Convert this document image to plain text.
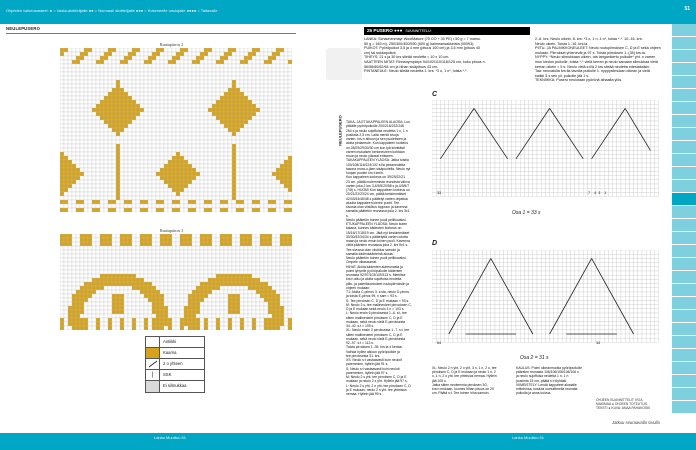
Ohjeiden vaikeusasteet: ● = Vasta-aloittelijalle ●● = Normaali aloittelijalle ●●● = Kokeneelle neulojalle ●●●● = Taitavalle	51
NEULEPUSERO
Ruutupiirros 2
Ruutupiirros 3
Antiikki
Kaarna
2 o yhteen
|	SSK
Ei silmukkaa
NEULEPUSERO
25 PUSERO ●●● SUUNNITTELU:
LANKA: Schachenmayr WoolMature (70 CO + 30 PE) • 50 g = 7 marss.
50 g = 165 m). 250/300/400/550 (600 g) kaimeansakkeista (00093).
PUIKOT: Pyöröpuikot 3,5 ja 4 mm (pituus 100 cm) ja 3,5 mm (pituus 40
cm) tai sukkapuikot.
TIHEYS: 21 s ja 30 krs sileää neuletta = 10 x 10 cm.
VAATTEEN MITAT: Rinnanympärys 94/102/110/118/125 cm, koko pituus n.
56/58/60/62/64 cm ja hihan sisäpituus 43 cm.
PINTANEULE: Neulo sileää neuletta 1. krs: *3 o, 1 n*, toista *-*.
2.-6. krs: Neulo oikein. 8. krs: *3 o, 1 n, 4 o*, toista *-*. 10.-16. krs:
Neulo oikein. Toista 1.-16. krs:ia.
PIITU- JA PALMIKKONEULEET: Neulo ruutupiirroksen C, D ja E sekä ohjeen
mukaan. Piirrokset yhtenevät ja 97 s. Toista piirroksen 1.-(35) krs:ia.
NYPPY: *Neulo silmukkaan oikein, ota langankierto puikolle* yht. n varren
mun kiedon puikolle, toista *-* vielä kerran ja neulo samaan silmukkaa vielä
kerran oikein = 5 s. Neulo vielä s:illä 2 krs sileää neuletta edestakaisin.
Taa: neuvatulla krs:lla tavoita puikolle 1. nyppysilmukan oikean ja vielä
kaikki 5 s sen yli, puikolle jää 1 s.
TEKNIIKKA: Pusero neulotaan pyörönä alhaalta ylös.
TAKA- JA ETUKAPPALEEN ALAOSA: Luo
pitkälle pyöröpuikolle 200/216/232/248
264 s ja neulo sujoffuisa neuletta 1 n, 1 n
pusiksta 2,5 cm. Laita merkit sivuja
varten, krs:n alkuun ja sen puoleksien ja
aloita pintaneule. Kun kappaleen korkeus
on 28/29/29/30/30 cm kun tyä kiinteästi
varren mukaisen kertoneuleen kohtaan
muun ja neulo yläosat erikseen.
TAKAKAPPALEEN YLÄOSA: Jatka toistia
100/108/116/124/132 s:lla pintaneuletta
tasona mura-o-jäen sisäpuolella. Neulo nyt
huojan puolen krs:t kerin.
Kun kappaleen korkeus on 39/29/22/21
23 cm, päätä molemmista reunoista vähva
varten joka 2 krs 3,4/5/5/20/58 s ja 4/5/5/7
(7/8) s. HUOM! Kun kappaleen korkeus on
20/21/22/23/24 cm, päätä keskimmäiset
42/43/44/46/48 s päätetyt varten ohjattua
aluulta kappaleen kieree puolit. Tee
sivusia olan viistötus toppuun ja kavenna
samalla päätetön reunassa joka 2. krs 3x1
s.
Neulo päätetön toinen puoli peilikuvaksi.
ETUKAPPALEEN YLÄOSA: Neulo kuten
takana, kunnes kädenten korkeus on
15/16/17/18/19 cm. Jätä nyt keskimmäiset
30/30/32/34/34 s päätetyttä varten odotta
maan ja neulo ensin toinen puoli. Kavenna
vielä pääntien reunassa joka 2. krs 9x1 s.
Tee sivussa olan viistötus samoin ja
samalla kädenkäänteinä alusta.
Neulo päätetön toinen puoli peilikuvaksi.
Ompele olkasaumat.
HIHAT: Aloita kädenten alareunasta ja
poimi lyhyelle pyöröpuikolle kädenten
reunasta 92/97/103/109/113 s. Merkitse
krs:n alku ja aloita sujoffuisa neuletta
piltu- ja palmikkoneuleet ruutupiirroksiin ja
ohjeen mukaan:
T1: Aloita C-piirros 3. s:sta, neulo D-pirros
ja toista E-pirros 99, n sam = 93 s.
S: Tee pirroksen C, D ja E mukaan = 93 s.
M: Neulo 3 s, tee mallineuleet pirrooksen C,
D ja E mukaan sekä neulo 3 n = 103 s.
L: Neulo ensin 6 pirroksesta 1.-6. s:t, tee
sitten mallineuleet pirroksen C, D ja E
mukaan, sekä neulo vielä E-pirroksesta
34.-42. s:t = 109 s.
XL: Neulo ensin 3 pirroksesta 1.-7. s:t, tee
sitten mallineuleet pirroksen C, D ja E
mukaan, sekä neulo vielä E-pirroksesta
92.-97. s:t = 113 s.
Toista pirroksen 1.-35. krs:ia 4 kertaa.
Vaihda hyllen alkuun pyöröpuikke ja
tee pirroksesta 31. krs.
XS: Neulo s:t vastaavasti kuin neuloit
paremmien, hyllein jää 91 s.
S: Neulo s:t vastaavasti kuin neuloit
paremmien, hyllein jää 97 s.
M: Neulo 2 s yht, tee pirroksen C, D ja E
mukaan ja neulo 2 s yht. Hyllein jää 97 s.
L: Neulo 2 s yht, 2 n yht, tee pirroksen C, D
ja E mukaan, neulo 2 n yht. tee yhteisius
nemaa. Hyllein jää 99 s.
C
Osa 1 = 33 s
33	7    4  3    1
D
Osa 2 = 31 s
64	34
XL: Neulo 2 n yht, 2 o yht, 3 n, 1 n, 2 o, tee
pirroksen C, D ja E mukaan ja neulo 1 n, 2
o, 1 n, 2 o yht, tee yhteisius nemaa. Hyllein
jää 105 s.
Jatka sitten neulemmia pirroksen 3O,
krs:n mukaan, kunnes hihan pituus on 29
cm. Päätä s:t. Tee toinen hiha samoin.
KAULUS: Poimi oikeanmuotia pyöröpuikolle
pääntien reunasta 106/106/106/106/106 s
ja neulo sujoffuisa neuletta 1 n, 1 n
joustinta 15 cm, päätä s:t löyhästi.
VIIMEISTELY: Lendä kappaleet alustalle
mittohinsa, kostuta sumuttimella reunalta
puikolla ja anna kuivua.
OHJEEN SUUNNITTELIT: IRJA MAKIMAA ● OHJEEN TOTEUTUS: TEKSTI ● KUVA: ANAA PAHAKOSKI
Jatkuu seuraavalla sivulla
Lanka Muuttuu 51	Lanka Muuttuu 51
